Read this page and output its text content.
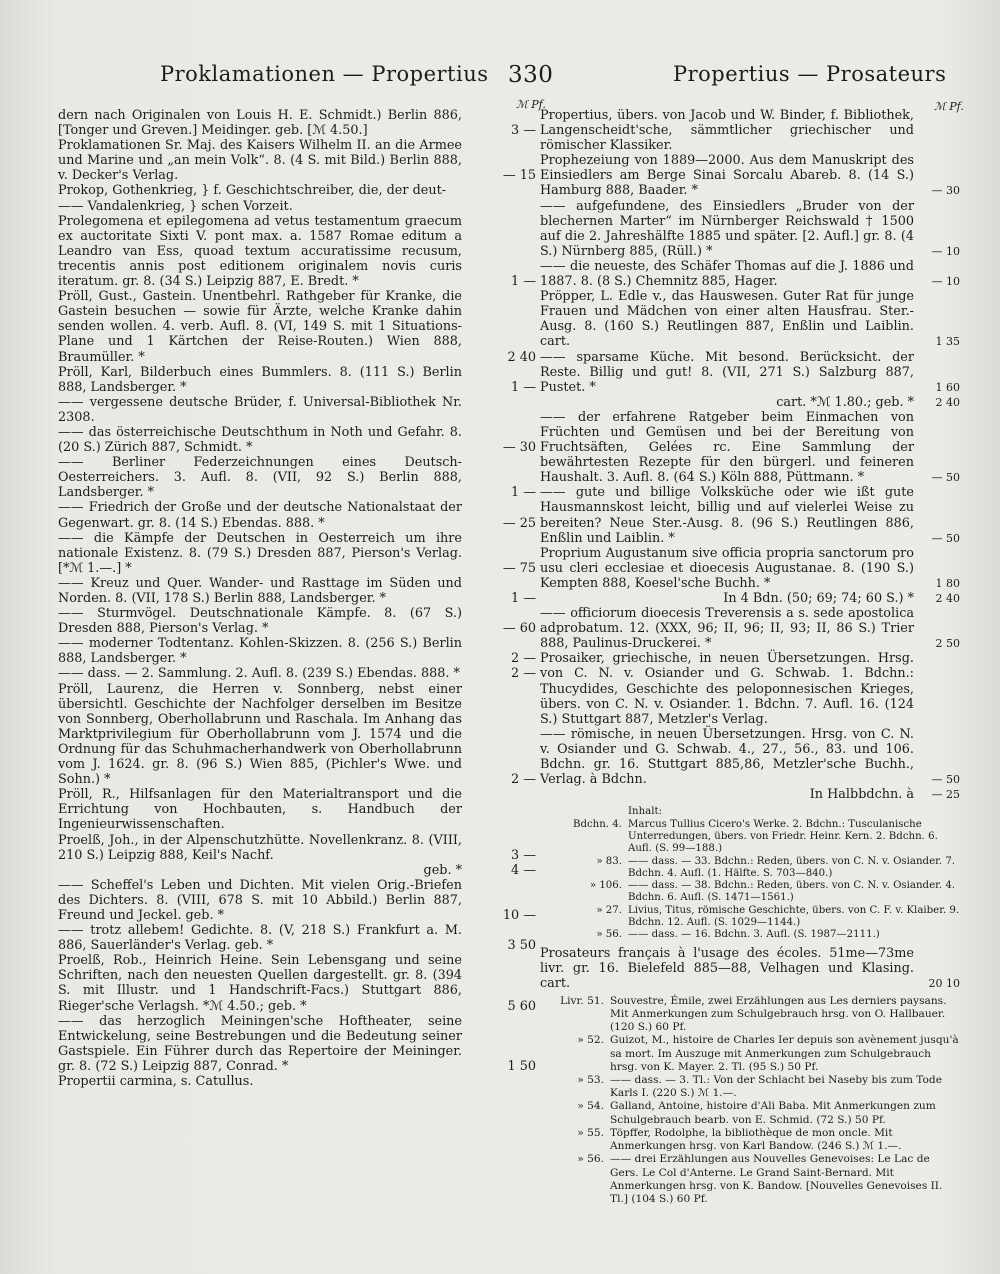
Proklamationen — Propertius 330	Propertius — Prosateurs
ℳ Pf.	ℳ Pf.
dern nach Originalen von Louis H. E. Schmidt.) Berlin 886, [Tonger und Greven.] Meidinger. geb. [ℳ 4.50.]	3 —
Proklamationen Sr. Maj. des Kaisers Wilhelm II. an die Armee und Marine und „an mein Volk“. 8. (4 S. mit Bild.) Berlin 888, v. Decker's Verlag.	— 15
Prokop, Gothenkrieg, } f. Geschichtschreiber, die, der deut-
—— Vandalenkrieg, } schen Vorzeit.
Prolegomena et epilegomena ad vetus testamentum graecum ex auctoritate Sixti V. pont max. a. 1587 Romae editum a Leandro van Ess, quoad textum accuratissime recusum, trecentis annis post editionem originalem novis curis iteratum. gr. 8. (34 S.) Leipzig 887, E. Bredt. *	1 —
Pröll, Gust., Gastein. Unentbehrl. Rathgeber für Kranke, die Gastein besuchen — sowie für Ärzte, welche Kranke dahin senden wollen. 4. verb. Aufl. 8. (VI, 149 S. mit 1 Situations-Plane und 1 Kärtchen der Reise-Routen.) Wien 888, Braumüller. *	2 40
Pröll, Karl, Bilderbuch eines Bummlers. 8. (111 S.) Berlin 888, Landsberger. *	1 —
—— vergessene deutsche Brüder, f. Universal-Bibliothek Nr. 2308.
—— das österreichische Deutschthum in Noth und Gefahr. 8. (20 S.) Zürich 887, Schmidt. *	— 30
—— Berliner Federzeichnungen eines Deutsch-Oesterreichers. 3. Aufl. 8. (VII, 92 S.) Berlin 888, Landsberger. *	1 —
—— Friedrich der Große und der deutsche Nationalstaat der Gegenwart. gr. 8. (14 S.) Ebendas. 888. *	— 25
—— die Kämpfe der Deutschen in Oesterreich um ihre nationale Existenz. 8. (79 S.) Dresden 887, Pierson's Verlag. [*ℳ 1.—.] *	— 75
—— Kreuz und Quer. Wander- und Rasttage im Süden und Norden. 8. (VII, 178 S.) Berlin 888, Landsberger. *	1 —
—— Sturmvögel. Deutschnationale Kämpfe. 8. (67 S.) Dresden 888, Pierson's Verlag. *	— 60
—— moderner Todtentanz. Kohlen-Skizzen. 8. (256 S.) Berlin 888, Landsberger. *	2 —
—— dass. — 2. Sammlung. 2. Aufl. 8. (239 S.) Ebendas. 888. *	2 —
Pröll, Laurenz, die Herren v. Sonnberg, nebst einer übersichtl. Geschichte der Nachfolger derselben im Besitze von Sonnberg, Oberhollabrunn und Raschala. Im Anhang das Marktprivilegium für Oberhollabrunn vom J. 1574 und die Ordnung für das Schuhmacherhandwerk von Oberhollabrunn vom J. 1624. gr. 8. (96 S.) Wien 885, (Pichler's Wwe. und Sohn.) *	2 —
Pröll, R., Hilfsanlagen für den Materialtransport und die Errichtung von Hochbauten, s. Handbuch der Ingenieurwissenschaften.
Proelß, Joh., in der Alpenschutzhütte. Novellenkranz. 8. (VIII, 210 S.) Leipzig 888, Keil's Nachf.	3 —
geb. *	4 —
—— Scheffel's Leben und Dichten. Mit vielen Orig.-Briefen des Dichters. 8. (VIII, 678 S. mit 10 Abbild.) Berlin 887, Freund und Jeckel. geb. *	10 —
—— trotz allebem! Gedichte. 8. (V, 218 S.) Frankfurt a. M. 886, Sauerländer's Verlag. geb. *	3 50
Proelß, Rob., Heinrich Heine. Sein Lebensgang und seine Schriften, nach den neuesten Quellen dargestellt. gr. 8. (394 S. mit Illustr. und 1 Handschrift-Facs.) Stuttgart 886, Rieger'sche Verlagsh. *ℳ 4.50.; geb. *	5 60
—— das herzoglich Meiningen'sche Hoftheater, seine Entwickelung, seine Bestrebungen und die Bedeutung seiner Gastspiele. Ein Führer durch das Repertoire der Meininger. gr. 8. (72 S.) Leipzig 887, Conrad. *	1 50
Propertii carmina, s. Catullus.
Propertius, übers. von Jacob und W. Binder, f. Bibliothek, Langenscheidt'sche, sämmtlicher griechischer und römischer Klassiker.
Prophezeiung von 1889—2000. Aus dem Manuskript des Einsiedlers am Berge Sinai Sorcalu Abareb. 8. (14 S.) Hamburg 888, Baader. *	— 30
—— aufgefundene, des Einsiedlers „Bruder von der blechernen Marter“ im Nürnberger Reichswald † 1500 auf die 2. Jahreshälfte 1885 und später. [2. Aufl.] gr. 8. (4 S.) Nürnberg 885, (Rüll.) *	— 10
—— die neueste, des Schäfer Thomas auf die J. 1886 und 1887. 8. (8 S.) Chemnitz 885, Hager.	— 10
Pröpper, L. Edle v., das Hauswesen. Guter Rat für junge Frauen und Mädchen von einer alten Hausfrau. Ster.-Ausg. 8. (160 S.) Reutlingen 887, Enßlin und Laiblin. cart.	1 35
—— sparsame Küche. Mit besond. Berücksicht. der Reste. Billig und gut! 8. (VII, 271 S.) Salzburg 887, Pustet. *	1 60
cart. *ℳ 1.80.; geb. *	2 40
—— der erfahrene Ratgeber beim Einmachen von Früchten und Gemüsen und bei der Bereitung von Fruchtsäften, Gelées rc. Eine Sammlung der bewährtesten Rezepte für den bürgerl. und feineren Haushalt. 3. Aufl. 8. (64 S.) Köln 888, Püttmann. *	— 50
—— gute und billige Volksküche oder wie ißt gute Hausmannskost leicht, billig und auf vielerlei Weise zu bereiten? Neue Ster.-Ausg. 8. (96 S.) Reutlingen 886, Enßlin und Laiblin. *	— 50
Proprium Augustanum sive officia propria sanctorum pro usu cleri ecclesiae et dioecesis Augustanae. 8. (190 S.) Kempten 888, Koesel'sche Buchh. *	1 80
In 4 Bdn. (50; 69; 74; 60 S.) *	2 40
—— officiorum dioecesis Treverensis a s. sede apostolica adprobatum. 12. (XXX, 96; II, 96; II, 93; II, 86 S.) Trier 888, Paulinus-Druckerei. *	2 50
Prosaiker, griechische, in neuen Übersetzungen. Hrsg. von C. N. v. Osiander und G. Schwab. 1. Bdchn.: Thucydides, Geschichte des peloponnesischen Krieges, übers. von C. N. v. Osiander. 1. Bdchn. 7. Aufl. 16. (124 S.) Stuttgart 887, Metzler's Verlag.
—— römische, in neuen Übersetzungen. Hrsg. von C. N. v. Osiander und G. Schwab. 4., 27., 56., 83. und 106. Bdchn. gr. 16. Stuttgart 885,86, Metzler'sche Buchh., Verlag. à Bdchn.	— 50
In Halbbdchn. à	— 25
Inhalt:
Bdchn. 4. Marcus Tullius Cicero's Werke. 2. Bdchn.: Tusculanische Unterredungen, übers. von Friedr. Heinr. Kern. 2. Bdchn. 6. Aufl. (S. 99—188.)
» 83. —— dass. — 33. Bdchn.: Reden, übers. von C. N. v. Osiander. 7. Bdchn. 4. Aufl. (1. Hälfte. S. 703—840.)
» 106. —— dass. — 38. Bdchn.: Reden, übers. von C. N. v. Osiander. 4. Bdchn. 6. Aufl. (S. 1471—1561.)
» 27. Livius, Titus, römische Geschichte, übers. von C. F. v. Klaiber. 9. Bdchn. 12. Aufl. (S. 1029—1144.)
» 56. —— dass. — 16. Bdchn. 3. Aufl. (S. 1987—2111.)
Prosateurs français à l'usage des écoles. 51me—73me livr. gr. 16. Bielefeld 885—88, Velhagen und Klasing. cart.	20 10
Livr. 51. Souvestre, Émile, zwei Erzählungen aus Les derniers paysans. Mit Anmerkungen zum Schulgebrauch hrsg. von O. Hallbauer. (120 S.) 60 Pf.
» 52. Guizot, M., histoire de Charles Ier depuis son avènement jusqu'à sa mort. Im Auszuge mit Anmerkungen zum Schulgebrauch hrsg. von K. Mayer. 2. Tl. (95 S.) 50 Pf.
» 53. —— dass. — 3. Tl.: Von der Schlacht bei Naseby bis zum Tode Karls I. (220 S.) ℳ 1.—.
» 54. Galland, Antoine, histoire d'Ali Baba. Mit Anmerkungen zum Schulgebrauch bearb. von E. Schmid. (72 S.) 50 Pf.
» 55. Töpffer, Rodolphe, la bibliothèque de mon oncle. Mit Anmerkungen hrsg. von Karl Bandow. (246 S.) ℳ 1.—.
» 56. —— drei Erzählungen aus Nouvelles Genevoises: Le Lac de Gers. Le Col d'Anterne. Le Grand Saint-Bernard. Mit Anmerkungen hrsg. von K. Bandow. [Nouvelles Genevoises II. Tl.] (104 S.) 60 Pf.
